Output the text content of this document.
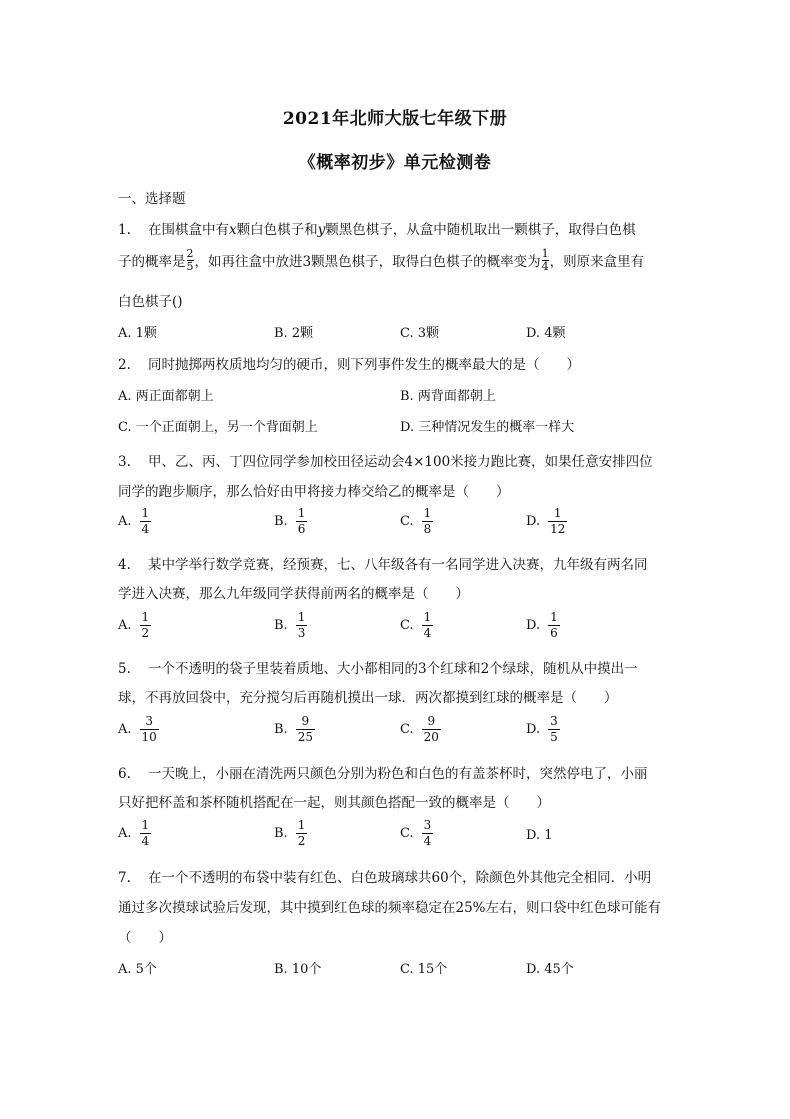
2021年北师大版七年级下册
《概率初步》单元检测卷
一、选择题
1. 在围棋盒中有x颗白色棋子和y颗黑色棋子，从盒中随机取出一颗棋子，取得白色棋
子的概率是 $\frac{2}{5}$ ，如再往盒中放进3颗黑色棋子，取得白色棋子的概率变为 $\frac{1}{4}$ ，则原来盒里有
白色棋子()
A. 1颗	B. 2颗	C. 3颗	D. 4颗
2. 同时抛掷两枚质地均匀的硬币，则下列事件发生的概率最大的是（　　）
A. 两正面都朝上	B. 两背面都朝上
C. 一个正面朝上，另一个背面朝上	D. 三种情况发生的概率一样大
3. 甲、乙、丙、丁四位同学参加校田径运动会4×100米接力跑比赛，如果任意安排四位
同学的跑步顺序，那么恰好由甲将接力棒交给乙的概率是（　　）
A. $\frac{1}{4}$	B. $\frac{1}{6}$	C. $\frac{1}{8}$	D. $\frac{1}{12}$
4. 某中学举行数学竞赛，经预赛，七、八年级各有一名同学进入决赛，九年级有两名同
学进入决赛，那么九年级同学获得前两名的概率是（　　）
A. $\frac{1}{2}$	B. $\frac{1}{3}$	C. $\frac{1}{4}$	D. $\frac{1}{6}$
5. 一个不透明的袋子里装着质地、大小都相同的3个红球和2个绿球，随机从中摸出一
球，不再放回袋中，充分搅匀后再随机摸出一球．两次都摸到红球的概率是（　　）
A. $\frac{3}{10}$	B. $\frac{9}{25}$	C. $\frac{9}{20}$	D. $\frac{3}{5}$
6. 一天晚上，小丽在清洗两只颜色分别为粉色和白色的有盖茶杯时，突然停电了，小丽
只好把杯盖和茶杯随机搭配在一起，则其颜色搭配一致的概率是（　　）
A. $\frac{1}{4}$	B. $\frac{1}{2}$	C. $\frac{3}{4}$	D. 1
7. 在一个不透明的布袋中装有红色、白色玻璃球共60个，除颜色外其他完全相同．小明
通过多次摸球试验后发现，其中摸到红色球的频率稳定在25%左右，则口袋中红色球可能有
（　　）
A. 5个	B. 10个	C. 15个	D. 45个
